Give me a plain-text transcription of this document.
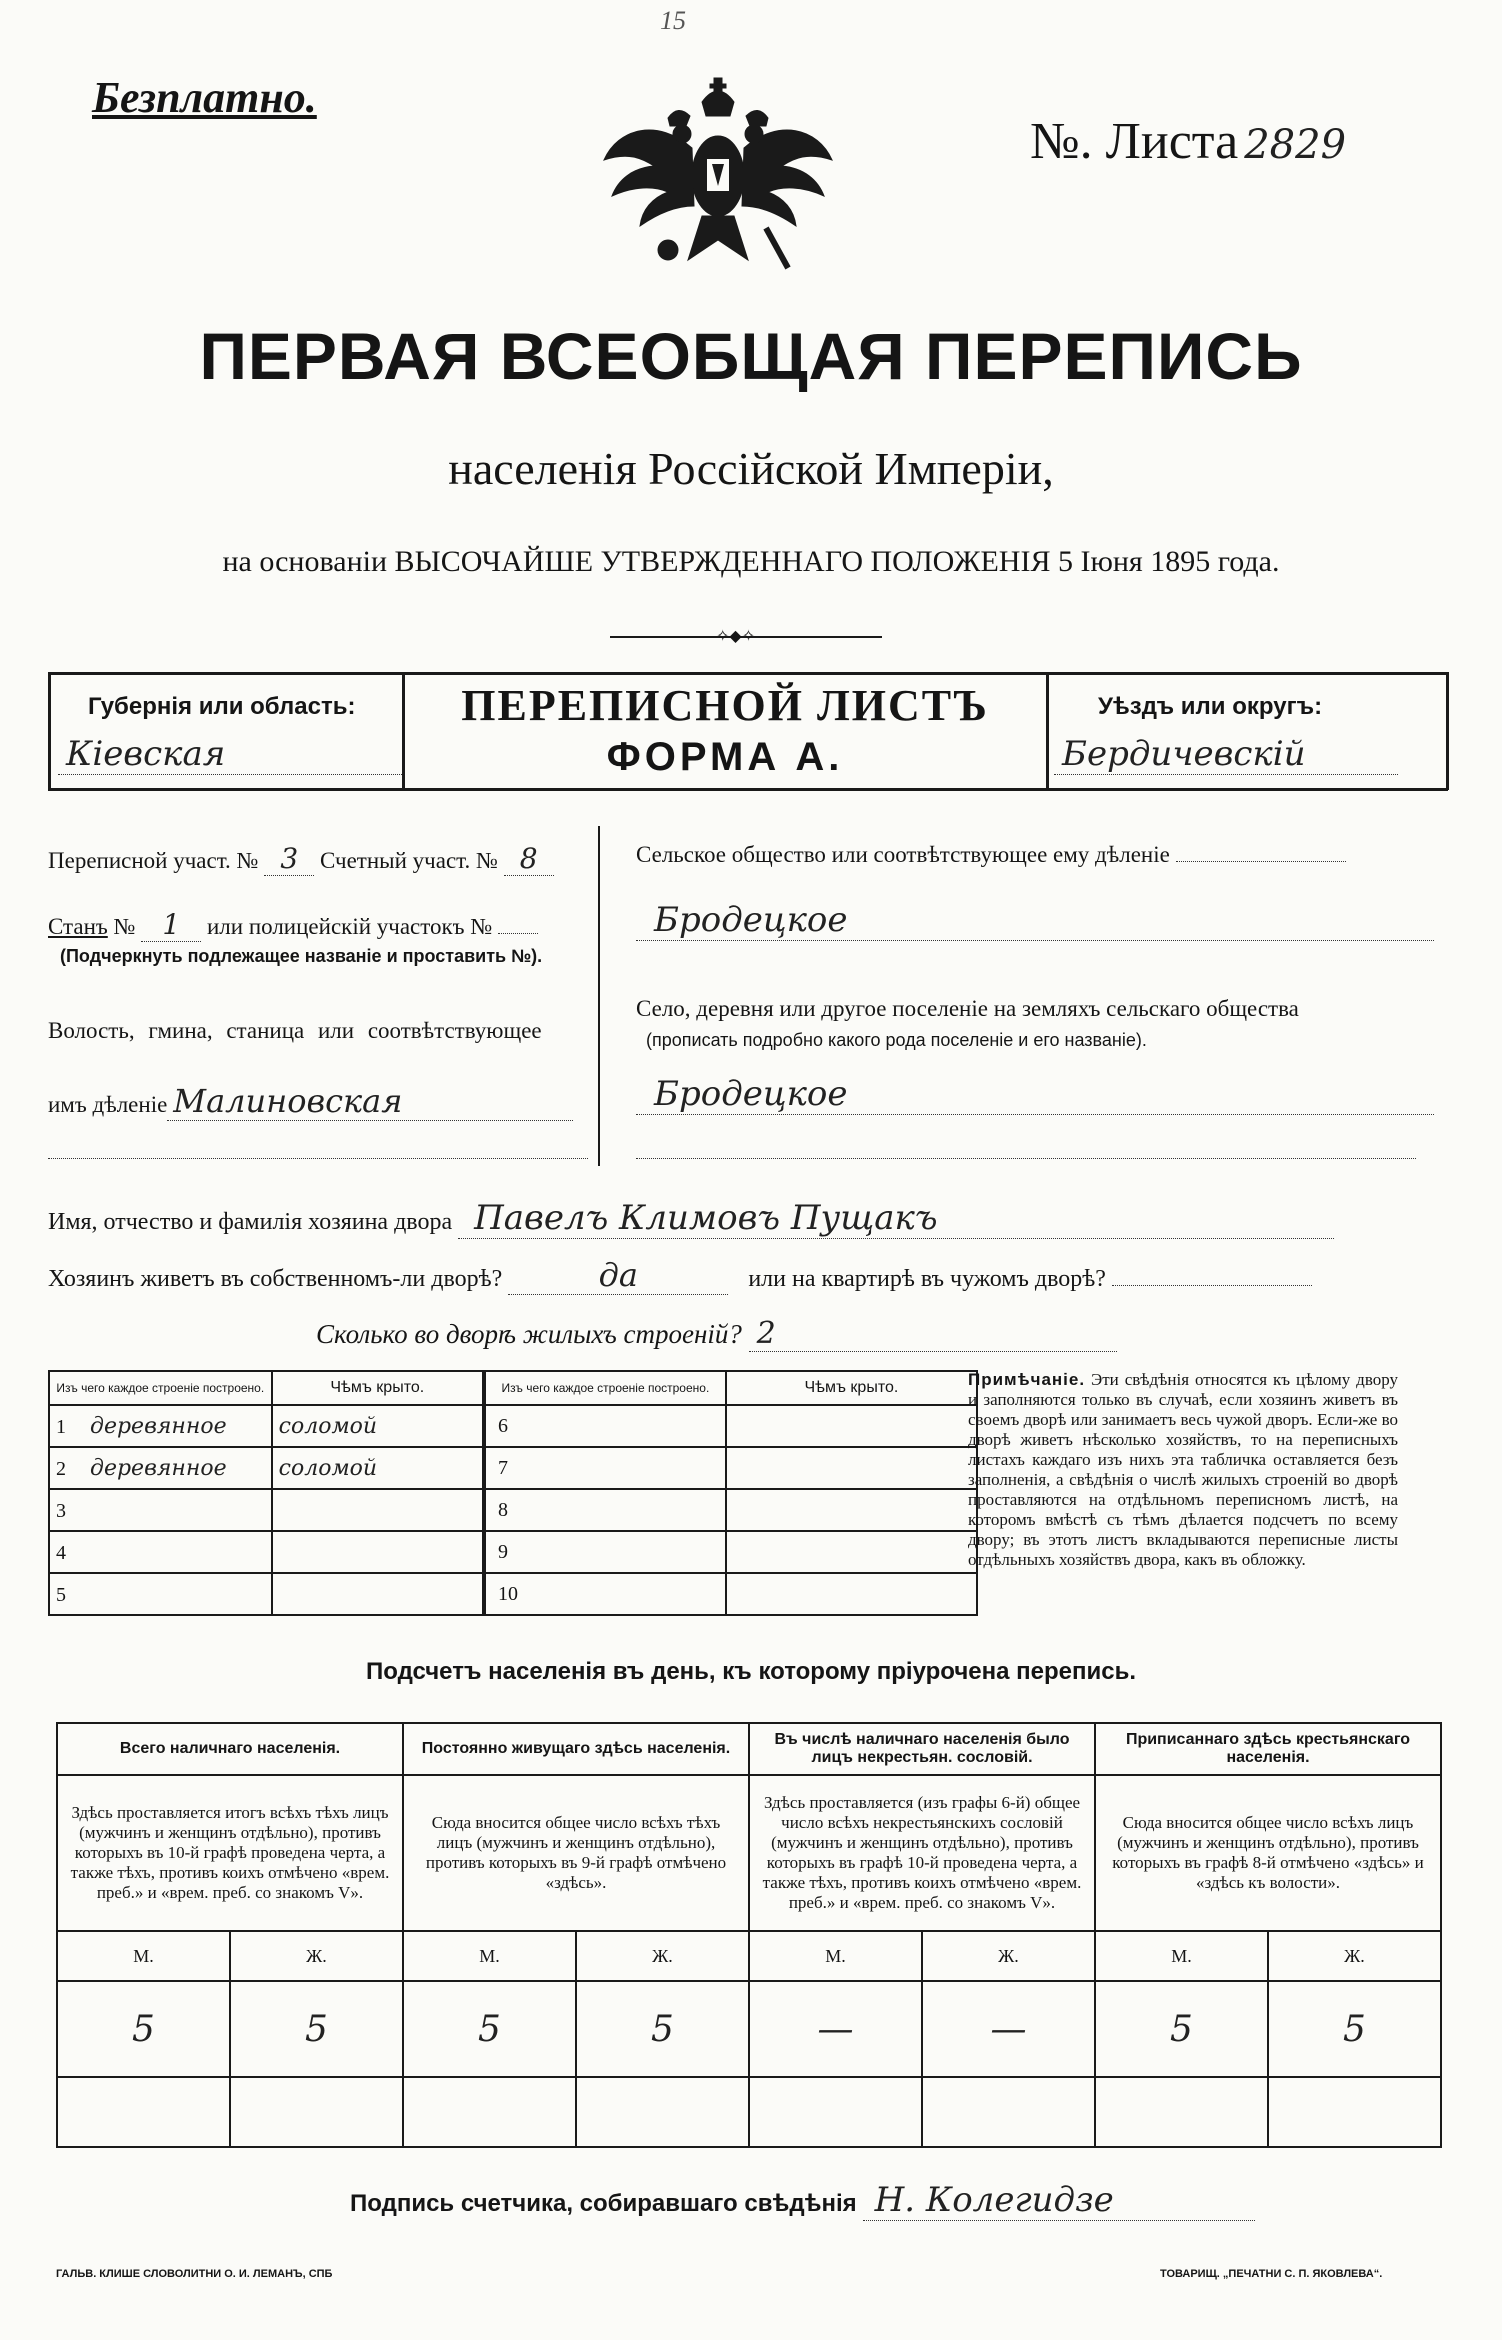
15
Безплатно.
№. Листа 2829
ПЕРВАЯ ВСЕОБЩАЯ ПЕРЕПИСЬ
населенія Россійской Имперіи,
на основаніи ВЫСОЧАЙШЕ УТВЕРЖДЕННАГО ПОЛОЖЕНІЯ 5 Іюня 1895 года.
✧◆✧
Губернія или область:
Кіевская
ПЕРЕПИСНОЙ ЛИСТЪ
ФОРМА А.
Уѣздъ или округъ:
Бердичевскій
Переписной участ. № 3 Счетный участ. № 8
Станъ № 1 или полицейскій участокъ №
(Подчеркнуть подлежащее названіе и проставить №).
Волость, гмина, станица или соотвѣтствующее
имъ дѣленіе Малиновская
Сельское общество или соотвѣтствующее ему дѣленіе
Бродецкое
Село, деревня или другое поселеніе на земляхъ сельскаго общества
(прописать подробно какого рода поселеніе и его названіе).
Бродецкое
Имя, отчество и фамилія хозяина двора Павелъ Климовъ Пущакъ
Хозяинъ живетъ въ собственномъ-ли дворѣ?	да	или на квартирѣ въ чужомъ дворѣ?
Сколько во дворѣ жилыхъ строеній? 2
Изъ чего каждое строеніе построено.	Чѣмъ крыто.	Изъ чего каждое строеніе построено.	Чѣмъ крыто.

1 деревянное	соломой	6	

2 деревянное	соломой	7	

3		8	

4		9	

5		10	
Примѣчаніе. Эти свѣдѣнія относятся къ цѣлому двору и заполняются только въ случаѣ, если хозяинъ живетъ въ своемъ дворѣ или занимаетъ весь чужой дворъ. Если-же во дворѣ живетъ нѣсколько хозяйствъ, то на переписныхъ листахъ каждаго изъ нихъ эта табличка оставляется безъ заполненія, а свѣдѣнія о числѣ жилыхъ строеній во дворѣ проставляются на отдѣльномъ переписномъ листѣ, на которомъ вмѣстѣ съ тѣмъ дѣлается подсчетъ по всему двору; въ этотъ листъ вкладываются переписные листы отдѣльныхъ хозяйствъ двора, какъ въ обложку.
Подсчетъ населенія въ день, къ которому пріурочена перепись.
Всего наличнаго населенія.		Постоянно живущаго здѣсь населенія.		Въ числѣ наличнаго населенія было лицъ некрестьян. сословій.		Приписаннаго здѣсь крестьянскаго населенія.	
Здѣсь проставляется итогъ всѣхъ тѣхъ лицъ (мужчинъ и женщинъ отдѣльно), противъ которыхъ въ 10-й графѣ проведена черта, а также тѣхъ, противъ коихъ отмѣчено «врем. преб.» и «врем. преб. со знакомъ V».		Сюда вносится общее число всѣхъ тѣхъ лицъ (мужчинъ и женщинъ отдѣльно), противъ которыхъ въ 9-й графѣ отмѣчено «здѣсь».		Здѣсь проставляется (изъ графы 6-й) общее число всѣхъ некрестьянскихъ сословій (мужчинъ и женщинъ отдѣльно), противъ которыхъ въ графѣ 10-й проведена черта, а также тѣхъ, противъ коихъ отмѣчено «врем. преб.» и «врем. преб. со знакомъ V».		Сюда вносится общее число всѣхъ лицъ (мужчинъ и женщинъ отдѣльно), противъ которыхъ въ графѣ 8-й отмѣчено «здѣсь» и «здѣсь къ волости».	
М.	Ж.	М.	Ж.	М.	Ж.	М.	Ж.
5	5	5	5	—	—	5	5

Подпись счетчика, собиравшаго свѣдѣнія Н. Колегидзе
ГАЛЬВ. КЛИШЕ СЛОВОЛИТНИ О. И. ЛЕМАНЪ, СПБ	ТОВАРИЩ. „ПЕЧАТНИ С. П. ЯКОВЛЕВА“.
